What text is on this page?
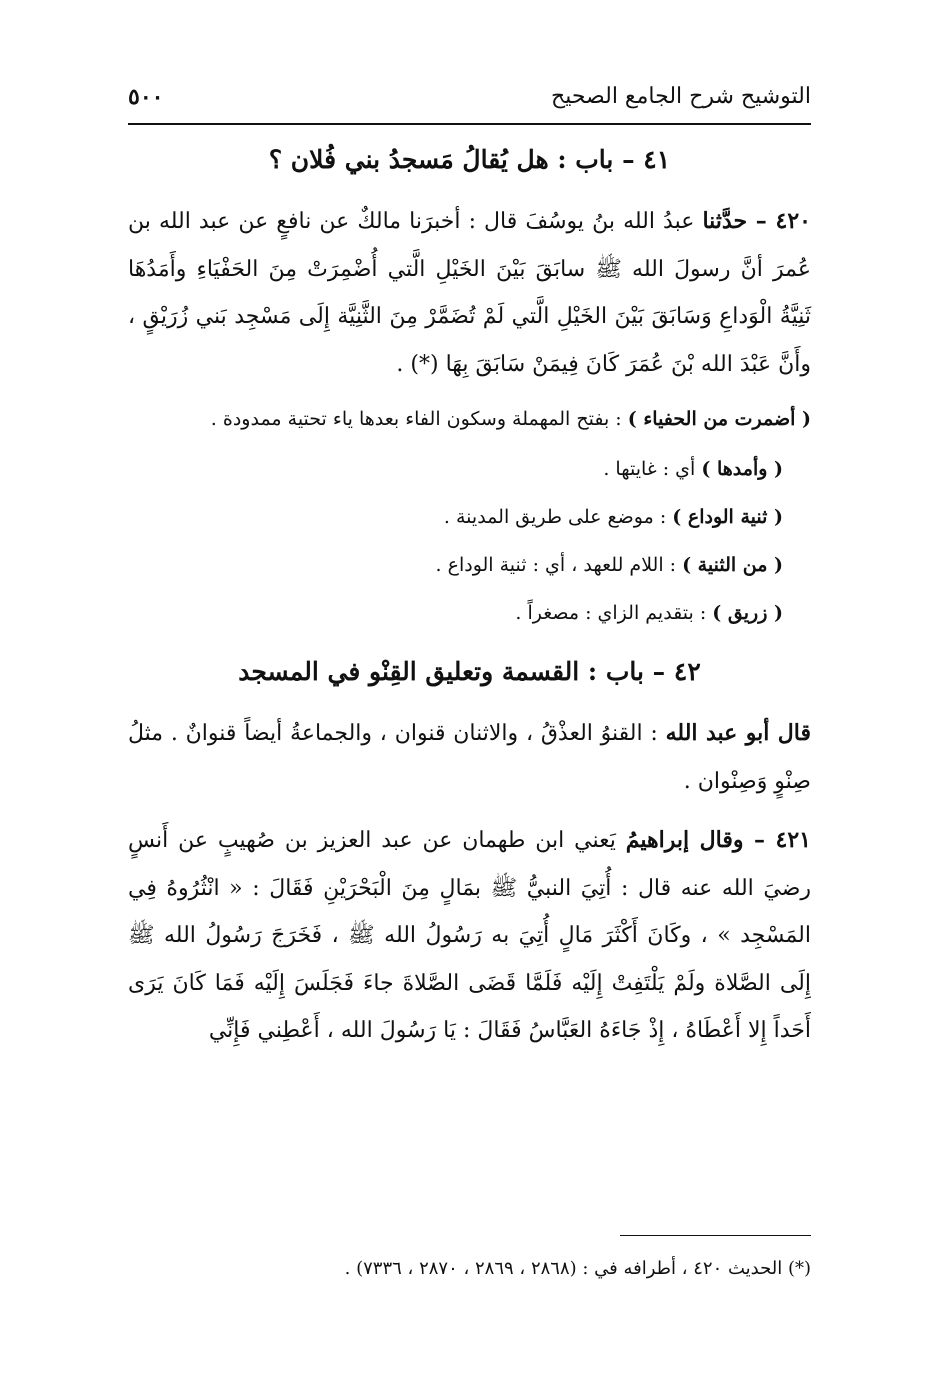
التوشيح شرح الجامع الصحيح
٥٠٠
٤١ – باب : هل يُقالُ مَسجدُ بني فُلان ؟

٤٢٠ – حدَّثنا عبدُ الله بنُ يوسُفَ قال : أخبرَنا مالكٌ عن نافعٍ عن عبد الله بن عُمرَ أنَّ رسولَ الله ﷺ سابَقَ بَيْنَ الخَيْلِ الَّتي أُضْمِرَتْ مِنَ الحَفْيَاءِ وأَمَدُهَا ثَنِيَّةُ الْوَداعِ وَسَابَقَ بَيْنَ الخَيْلِ الَّتي لَمْ تُضَمَّرْ مِنَ الثَّنِيَّة إِلَى مَسْجِد بَني زُرَيْقٍ ، وأَنَّ عَبْدَ الله بْنَ عُمَرَ كَانَ فِيمَنْ سَابَقَ بِهَا (*) .

( أضمرت من الحفياء ) : بفتح المهملة وسكون الفاء بعدها ياء تحتية ممدودة .

( وأمدها ) أي : غايتها .

( ثنية الوداع ) : موضع على طريق المدينة .

( من الثنية ) : اللام للعهد ، أي : ثنية الوداع .

( زريق ) : بتقديم الزاي : مصغراً .

٤٢ – باب : القسمة وتعليق القِنْو في المسجد

قال أبو عبد الله : القنوُ العذْقُ ، والاثنان قنوان ، والجماعةُ أيضاً قنوانٌ . مثلُ صِنْوٍ وَصِنْوان .

٤٢١ – وقال إبراهيمُ يَعني ابن طهمان عن عبد العزيز بن صُهيبٍ عن أَنسٍ رضيَ الله عنه قال : أُتِيَ النبيُّ ﷺ بمَالٍ مِنَ الْبَحْرَيْنِ فَقَالَ : « انْثُرُوهُ فِي المَسْجِد » ، وكَانَ أَكْثَرَ مَالٍ أُتِيَ به رَسُولُ الله ﷺ ، فَخَرَجَ رَسُولُ الله ﷺ إِلَى الصَّلاة ولَمْ يَلْتَفِتْ إِلَيْه فَلَمَّا قَضَى الصَّلاةَ جاءَ فَجَلَسَ إِلَيْه فَمَا كَانَ يَرَى أَحَداً إِلا أَعْطَاهُ ، إِذْ جَاءَهُ العَبَّاسُ فَقَالَ : يَا رَسُولَ الله ، أَعْطِني فَإِنِّي

(*) الحديث ٤٢٠ ، أطرافه في : (٢٨٦٨ ، ٢٨٦٩ ، ٢٨٧٠ ، ٧٣٣٦) .
